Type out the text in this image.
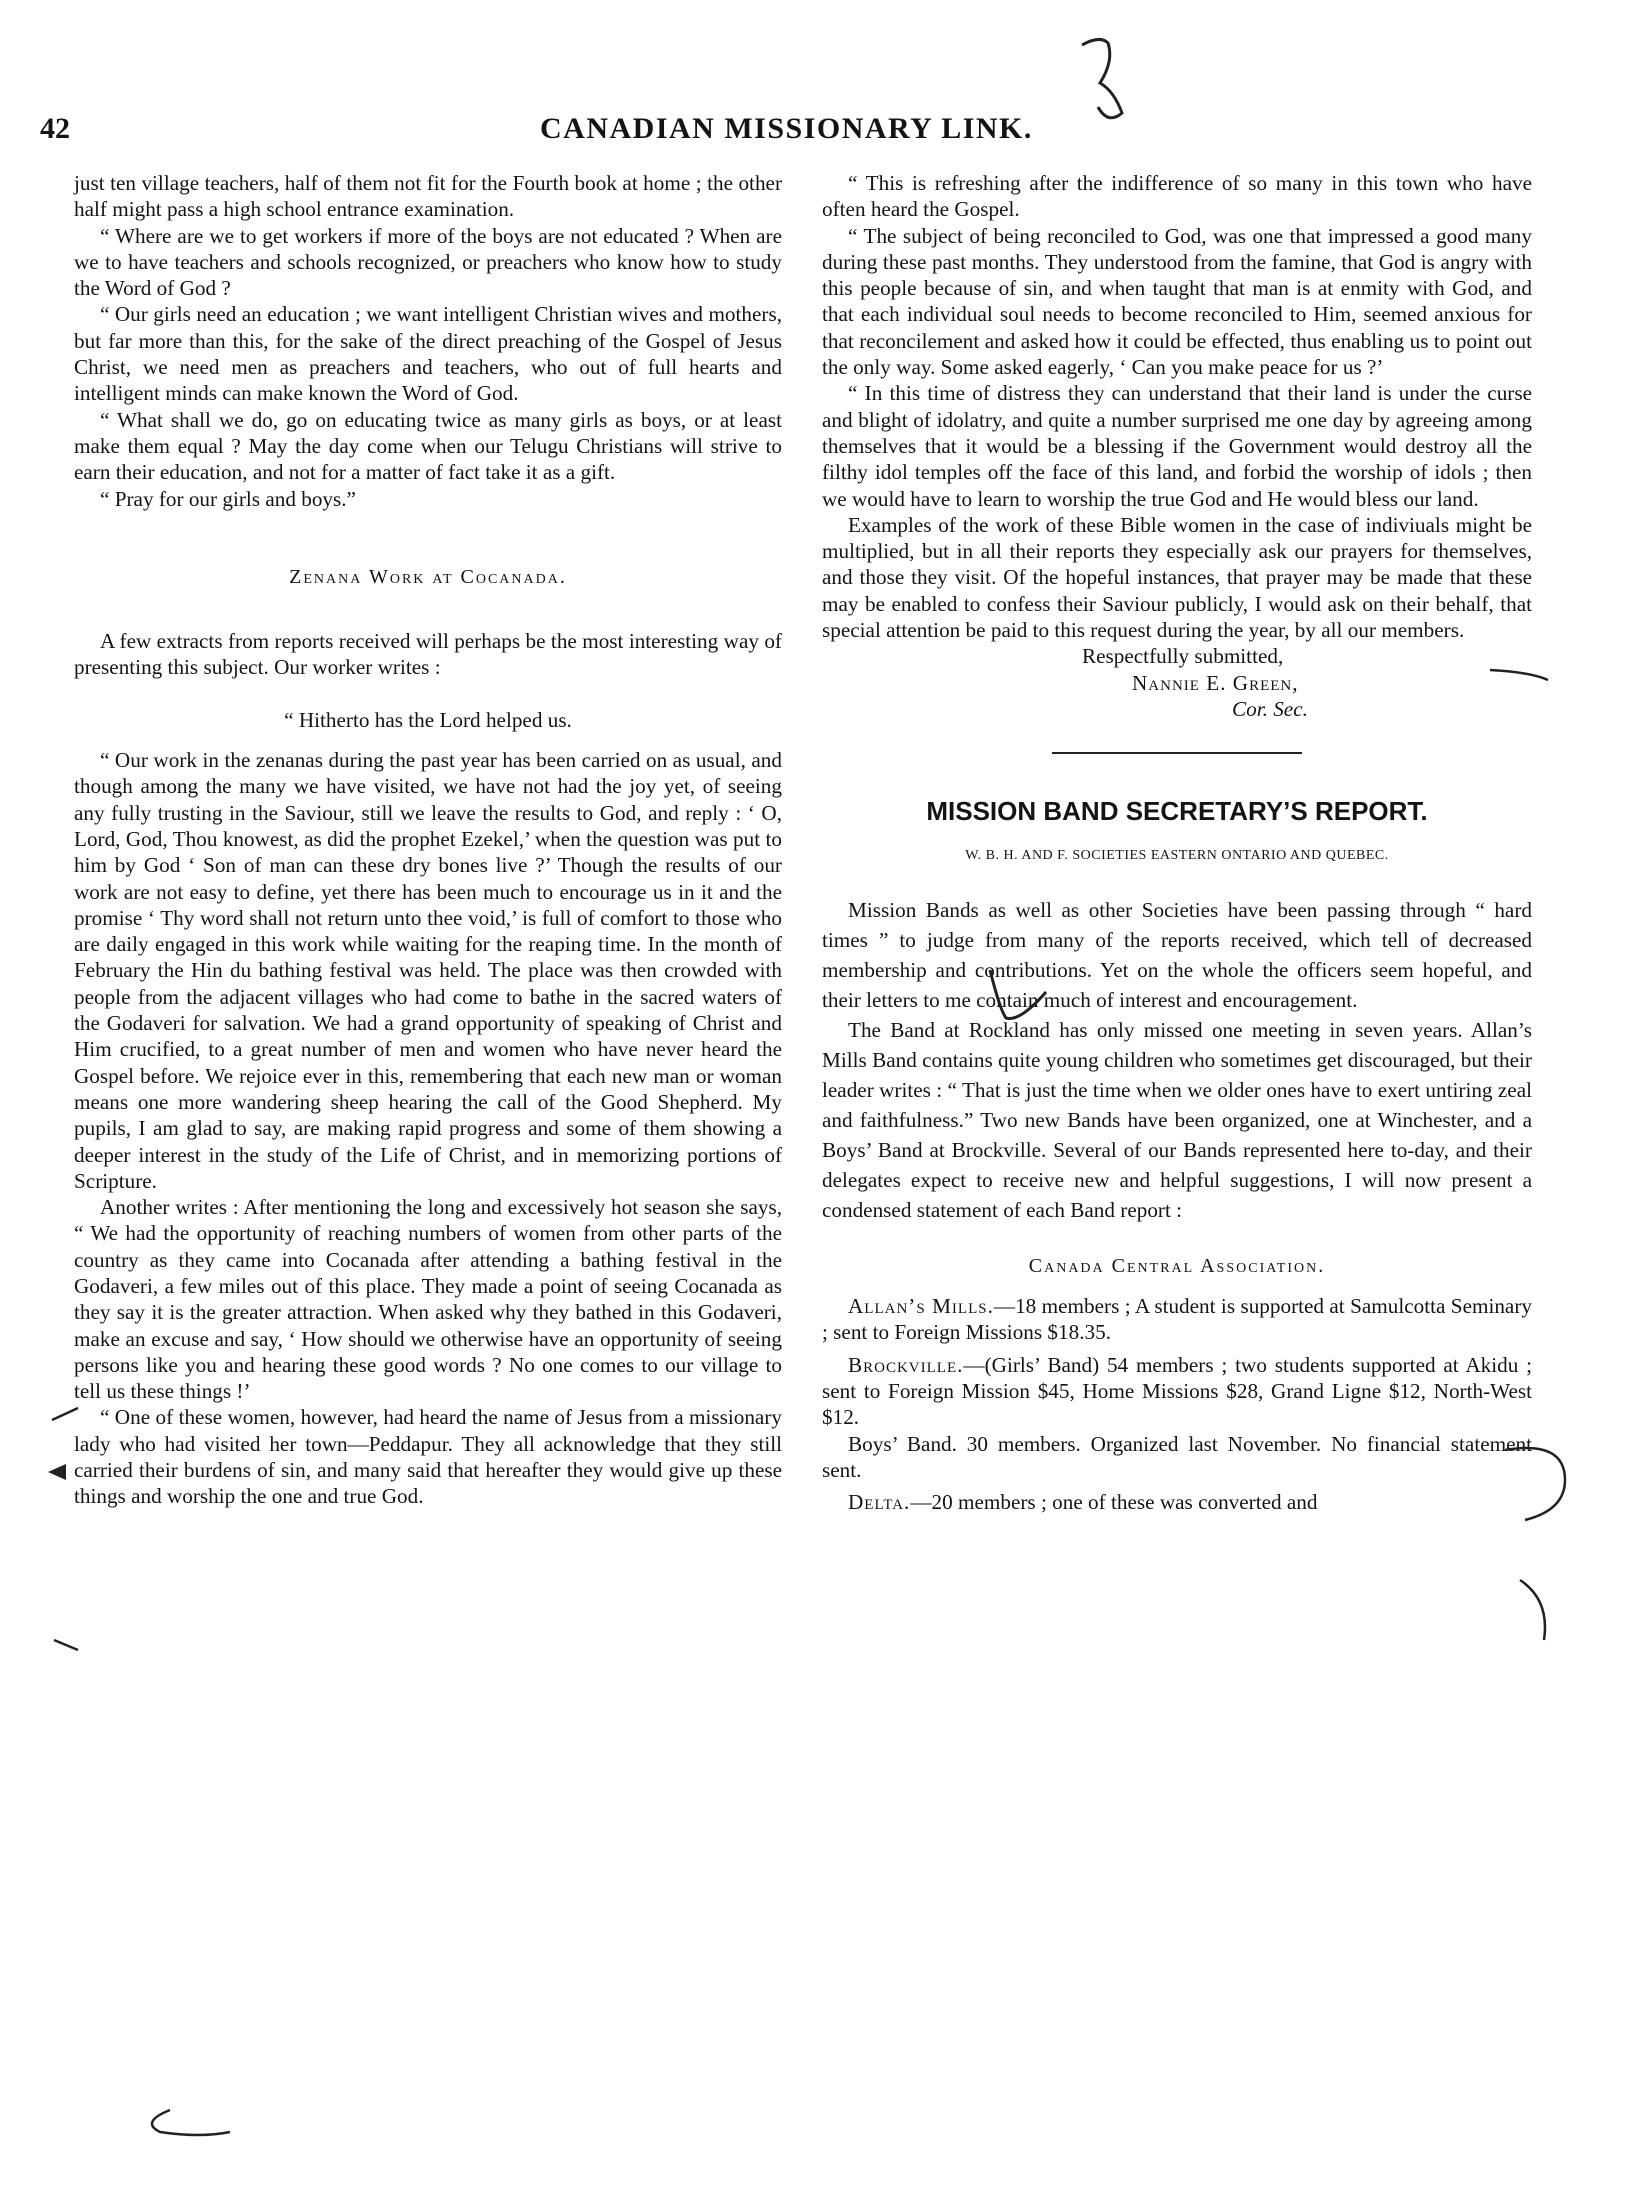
42	CANADIAN MISSIONARY LINK.

just ten village teachers, half of them not fit for the Fourth book at home ; the other half might pass a high school entrance examination.

“ Where are we to get workers if more of the boys are not educated ? When are we to have teachers and schools recognized, or preachers who know how to study the Word of God ?

“ Our girls need an education ; we want intelligent Christian wives and mothers, but far more than this, for the sake of the direct preaching of the Gospel of Jesus Christ, we need men as preachers and teachers, who out of full hearts and intelligent minds can make known the Word of God.

“ What shall we do, go on educating twice as many girls as boys, or at least make them equal ? May the day come when our Telugu Christians will strive to earn their education, and not for a matter of fact take it as a gift.

“ Pray for our girls and boys.”

Zenana Work at Cocanada.

A few extracts from reports received will perhaps be the most interesting way of presenting this subject. Our worker writes :

“ Hitherto has the Lord helped us.

“ Our work in the zenanas during the past year has been carried on as usual, and though among the many we have visited, we have not had the joy yet, of seeing any fully trusting in the Saviour, still we leave the results to God, and reply : ‘ O, Lord, God, Thou knowest, as did the prophet Ezekel,’ when the question was put to him by God ‘ Son of man can these dry bones live ?’ Though the results of our work are not easy to define, yet there has been much to encourage us in it and the promise ‘ Thy word shall not return unto thee void,’ is full of comfort to those who are daily engaged in this work while waiting for the reaping time. In the month of February the Hin du bathing festival was held. The place was then crowded with people from the adjacent villages who had come to bathe in the sacred waters of the Godaveri for salvation. We had a grand opportunity of speaking of Christ and Him crucified, to a great number of men and women who have never heard the Gospel before. We rejoice ever in this, remembering that each new man or woman means one more wandering sheep hearing the call of the Good Shepherd. My pupils, I am glad to say, are making rapid progress and some of them showing a deeper interest in the study of the Life of Christ, and in memorizing portions of Scripture.

Another writes : After mentioning the long and excessively hot season she says, “ We had the opportunity of reaching numbers of women from other parts of the country as they came into Cocanada after attending a bathing festival in the Godaveri, a few miles out of this place. They made a point of seeing Cocanada as they say it is the greater attraction. When asked why they bathed in this Godaveri, make an excuse and say, ‘ How should we otherwise have an opportunity of seeing persons like you and hearing these good words ? No one comes to our village to tell us these things !’

“ One of these women, however, had heard the name of Jesus from a missionary lady who had visited her town—Peddapur. They all acknowledge that they still carried their burdens of sin, and many said that hereafter they would give up these things and worship the one and true God.

“ This is refreshing after the indifference of so many in this town who have often heard the Gospel.

“ The subject of being reconciled to God, was one that impressed a good many during these past months. They understood from the famine, that God is angry with this people because of sin, and when taught that man is at enmity with God, and that each individual soul needs to become reconciled to Him, seemed anxious for that reconcilement and asked how it could be effected, thus enabling us to point out the only way. Some asked eagerly, ‘ Can you make peace for us ?’

“ In this time of distress they can understand that their land is under the curse and blight of idolatry, and quite a number surprised me one day by agreeing among themselves that it would be a blessing if the Government would destroy all the filthy idol temples off the face of this land, and forbid the worship of idols ; then we would have to learn to worship the true God and He would bless our land.

Examples of the work of these Bible women in the case of indiviuals might be multiplied, but in all their reports they especially ask our prayers for themselves, and those they visit. Of the hopeful instances, that prayer may be made that these may be enabled to confess their Saviour publicly, I would ask on their behalf, that special attention be paid to this request during the year, by all our members.

Respectfully submitted,

Nannie E. Green,

Cor. Sec.

MISSION BAND SECRETARY’S REPORT.

W. B. H. AND F. SOCIETIES EASTERN ONTARIO AND QUEBEC.

Mission Bands as well as other Societies have been passing through “ hard times ” to judge from many of the reports received, which tell of decreased membership and contributions. Yet on the whole the officers seem hopeful, and their letters to me contain much of interest and encouragement.

The Band at Rockland has only missed one meeting in seven years. Allan’s Mills Band contains quite young children who sometimes get discouraged, but their leader writes : “ That is just the time when we older ones have to exert untiring zeal and faithfulness.” Two new Bands have been organized, one at Winchester, and a Boys’ Band at Brockville. Several of our Bands represented here to-day, and their delegates expect to receive new and helpful suggestions, I will now present a condensed statement of each Band report :

Canada Central Association.

Allan’s Mills.—18 members ; A student is supported at Samulcotta Seminary ; sent to Foreign Missions $18.35.

Brockville.—(Girls’ Band) 54 members ; two students supported at Akidu ; sent to Foreign Mission $45, Home Missions $28, Grand Ligne $12, North-West $12.

Boys’ Band. 30 members. Organized last November. No financial statement sent.

Delta.—20 members ; one of these was converted and
